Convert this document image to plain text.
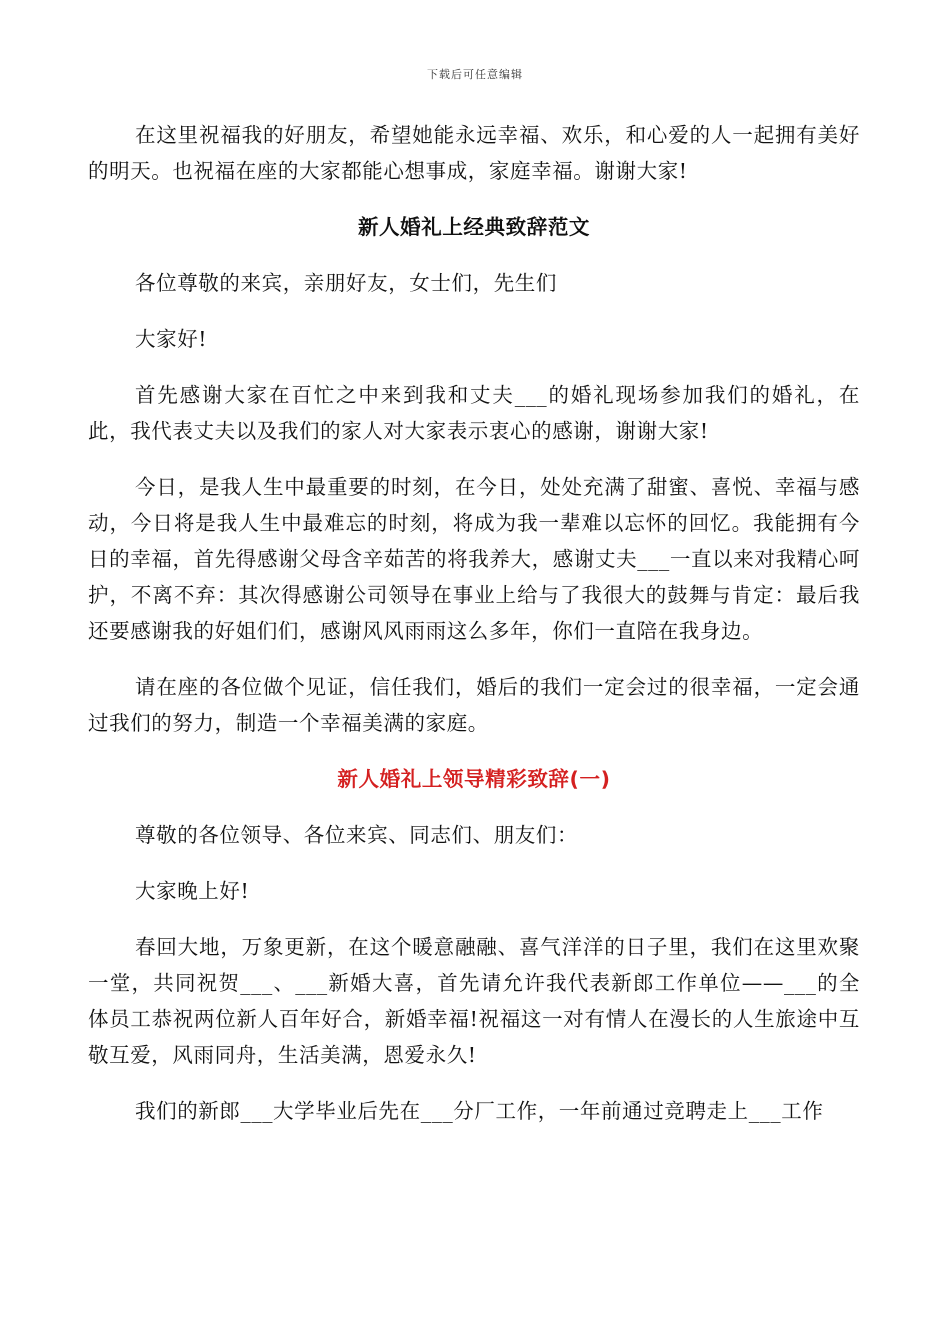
下载后可任意编辑

在这里祝福我的好朋友，希望她能永远幸福、欢乐，和心爱的人一起拥有美好的明天。也祝福在座的大家都能心想事成，家庭幸福。谢谢大家!

新人婚礼上经典致辞范文

各位尊敬的来宾，亲朋好友，女士们，先生们

大家好!

首先感谢大家在百忙之中来到我和丈夫___的婚礼现场参加我们的婚礼，在此，我代表丈夫以及我们的家人对大家表示衷心的感谢，谢谢大家!

今日，是我人生中最重要的时刻，在今日，处处充满了甜蜜、喜悦、幸福与感动，今日将是我人生中最难忘的时刻，将成为我一辈难以忘怀的回忆。我能拥有今日的幸福，首先得感谢父母含辛茹苦的将我养大，感谢丈夫___一直以来对我精心呵护，不离不弃：其次得感谢公司领导在事业上给与了我很大的鼓舞与肯定：最后我还要感谢我的好姐们们，感谢风风雨雨这么多年，你们一直陪在我身边。

请在座的各位做个见证，信任我们，婚后的我们一定会过的很幸福，一定会通过我们的努力，制造一个幸福美满的家庭。

新人婚礼上领导精彩致辞(一)

尊敬的各位领导、各位来宾、同志们、朋友们：

大家晚上好!

春回大地，万象更新，在这个暖意融融、喜气洋洋的日子里，我们在这里欢聚一堂，共同祝贺___、___新婚大喜，首先请允许我代表新郎工作单位——___的全体员工恭祝两位新人百年好合，新婚幸福!祝福这一对有情人在漫长的人生旅途中互敬互爱，风雨同舟，生活美满，恩爱永久!

我们的新郎___大学毕业后先在___分厂工作，一年前通过竞聘走上___工作
